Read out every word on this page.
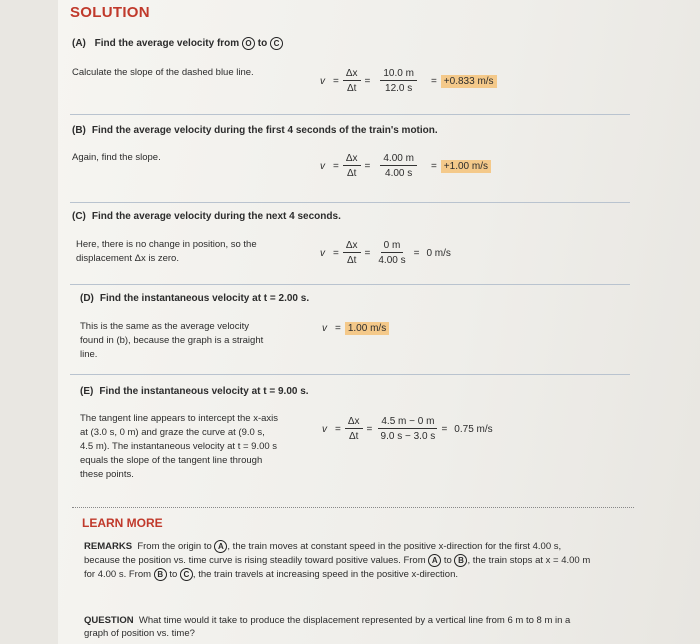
SOLUTION
(A) Find the average velocity from O to C
Calculate the slope of the dashed blue line.
$v = \frac{\Delta x}{\Delta t} = \frac{10.0 m}{12.0 s} = +0.833$ m/s
(B) Find the average velocity during the first 4 seconds of the train's motion.
Again, find the slope.
$v = \frac{\Delta x}{\Delta t} = \frac{4.00 m}{4.00 s} = +1.00$ m/s
(C) Find the average velocity during the next 4 seconds.
Here, there is no change in position, so the displacement Δx is zero.	$v = \frac{\Delta x}{\Delta t} = \frac{0 m}{4.00 s} = 0$ m/s
(D) Find the instantaneous velocity at t = 2.00 s.
This is the same as the average velocity found in (b), because the graph is a straight line.
v = 1.00 m/s
(E) Find the instantaneous velocity at t = 9.00 s.
The tangent line appears to intercept the x-axis at (3.0 s, 0 m) and graze the curve at (9.0 s, 4.5 m). The instantaneous velocity at t = 9.00 s equals the slope of the tangent line through these points.
$v = \frac{\Delta x}{\Delta t} = \frac{4.5 m - 0 m}{9.0 s - 3.0 s} = 0.75$ m/s
LEARN MORE
REMARKS From the origin to A , the train moves at constant speed in the positive x-direction for the first 4.00 s, because the position vs. time curve is rising steadily toward positive values. From A to B , the train stops at x = 4.00 m for 4.00 s. From B to C , the train travels at increasing speed in the positive x-direction.
QUESTION What time would it take to produce the displacement represented by a vertical line from 6 m to 8 m in a graph of position vs. time?
